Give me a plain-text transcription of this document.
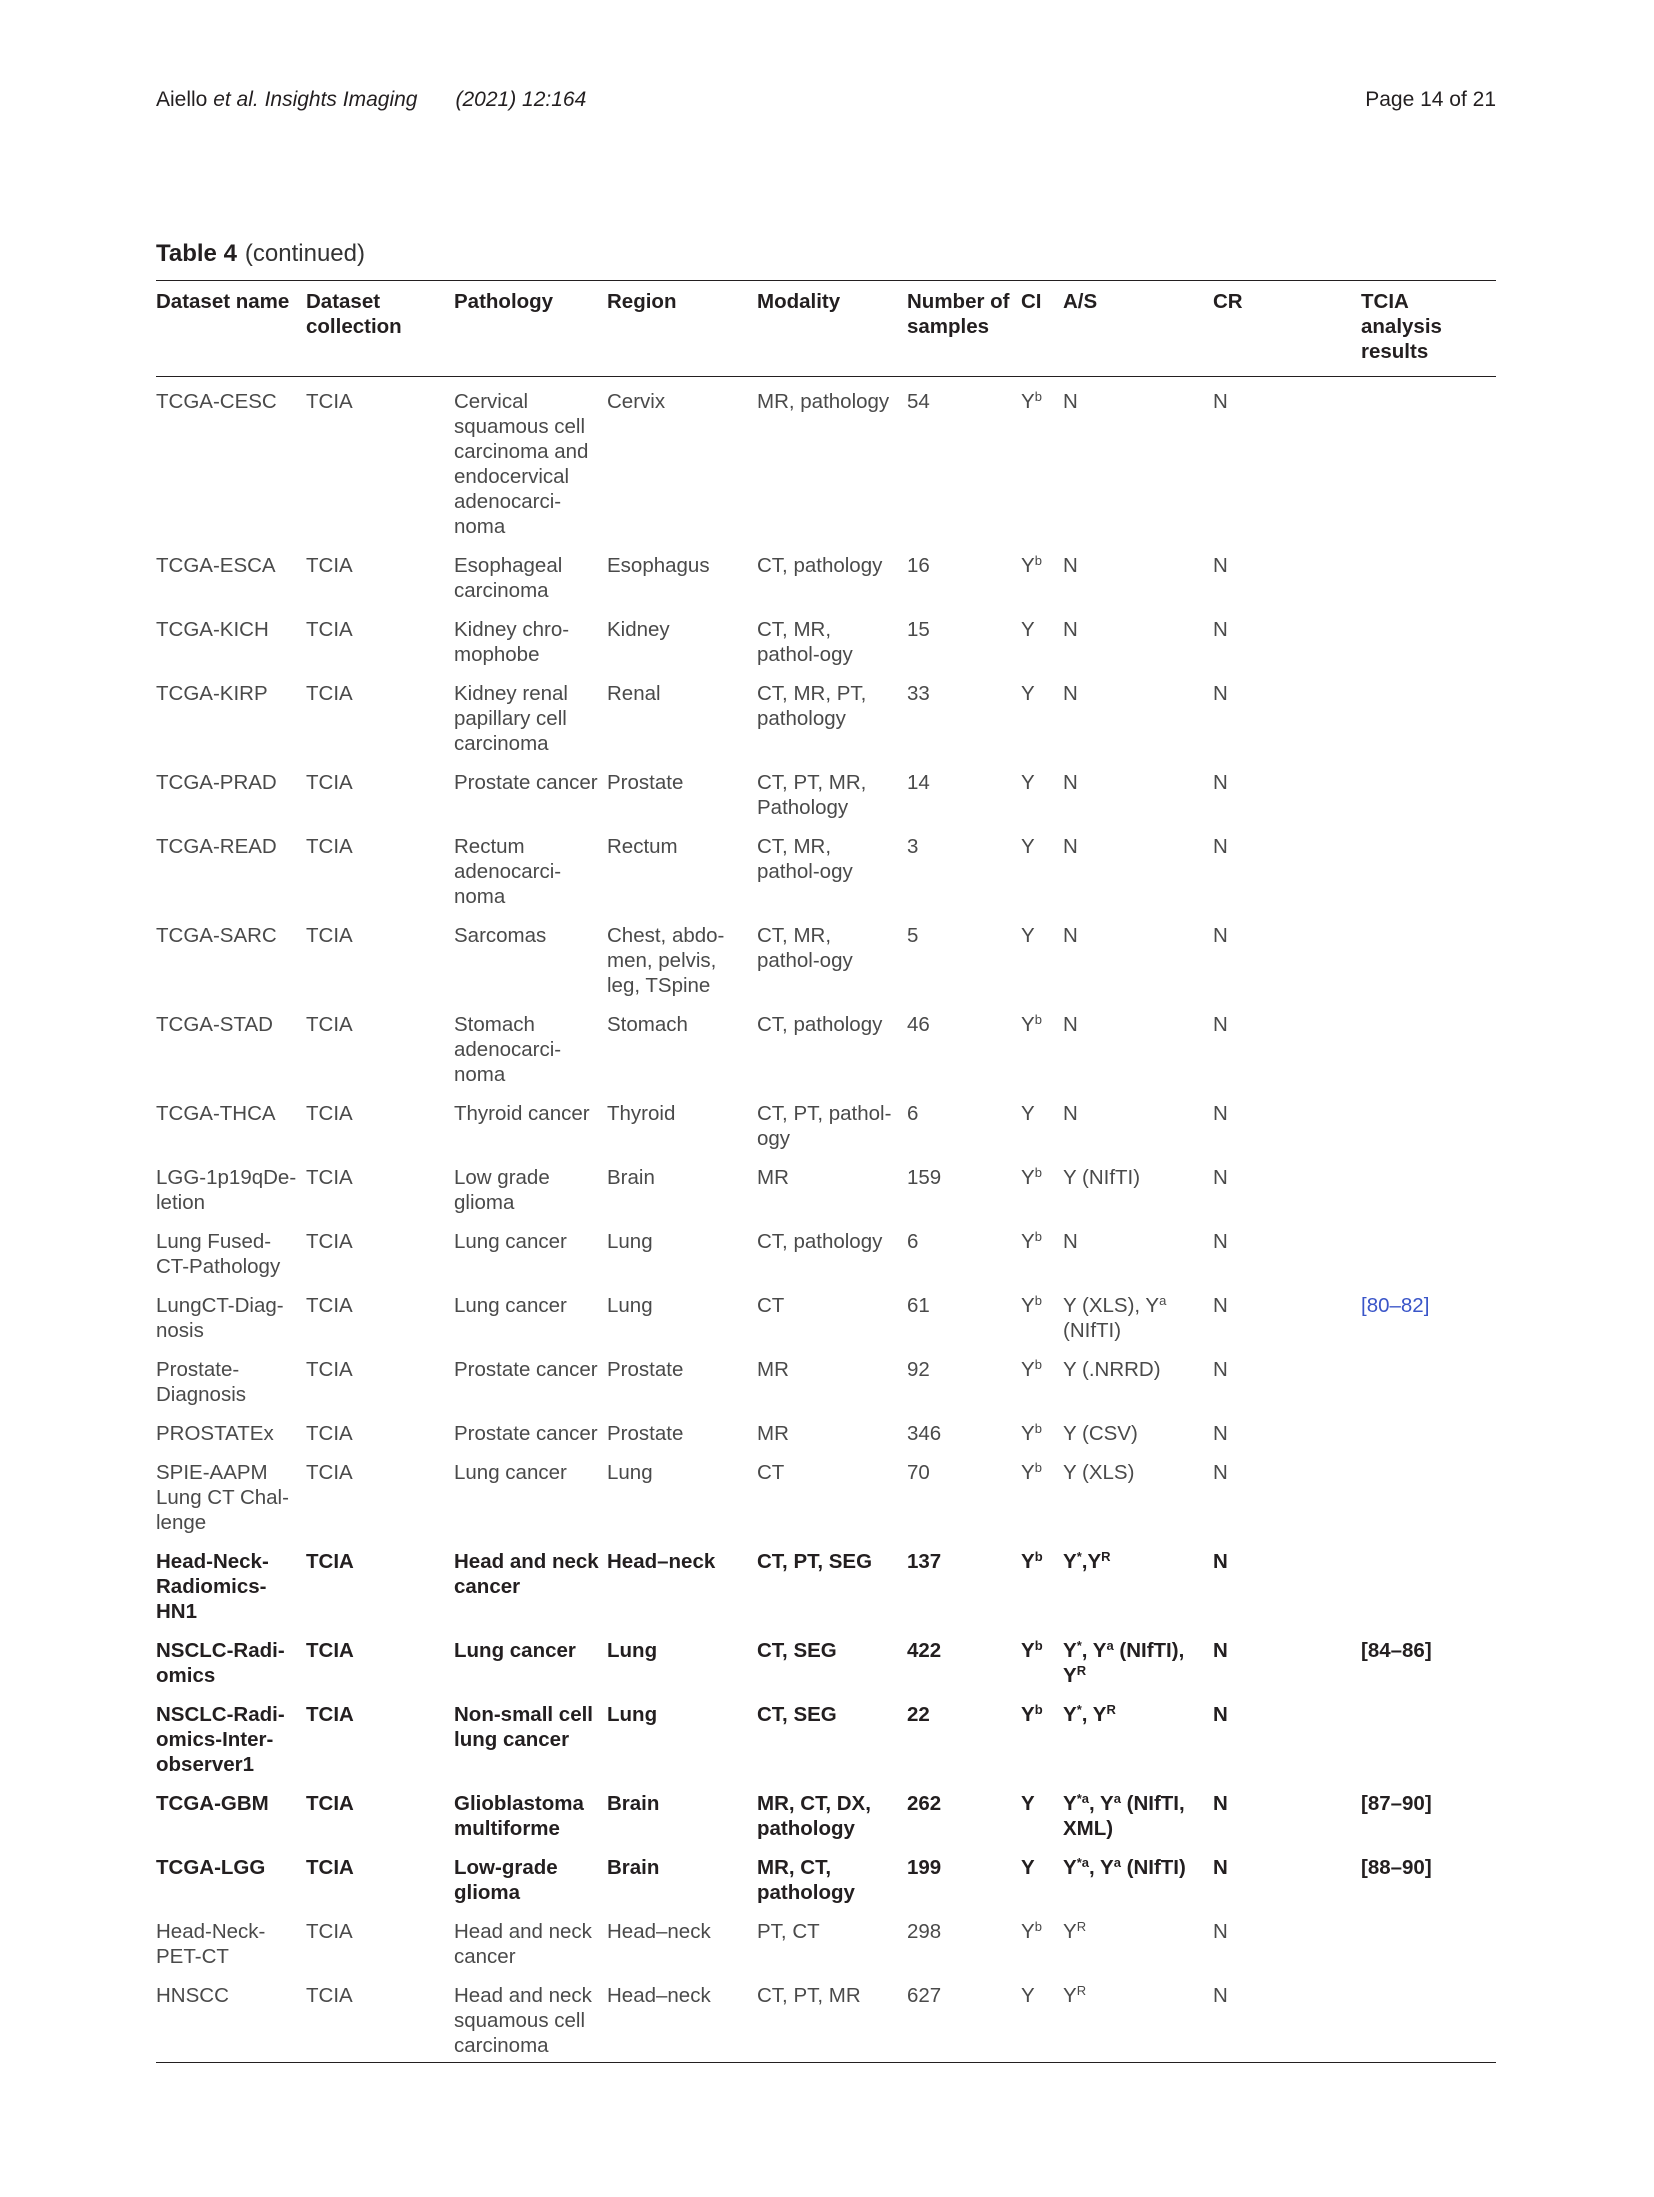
Aiello et al. Insights Imaging (2021) 12:164	Page 14 of 21
Table 4 (continued)
Dataset name	Dataset collection	Pathology	Region	Modality	Number of samples	CI	A/S	CR	TCIA analysis results
TCGA-CESC	TCIA	Cervical squamous cell carcinoma and endocervical adenocarci-noma	Cervix	MR, pathology	54	$Y^b$	N	N	
TCGA-ESCA	TCIA	Esophageal carcinoma	Esophagus	CT, pathology	16	$Y^b$	N	N	
TCGA-KICH	TCIA	Kidney chro-mophobe	Kidney	CT, MR, pathol-ogy	15	Y	N	N	
TCGA-KIRP	TCIA	Kidney renal papillary cell carcinoma	Renal	CT, MR, PT, pathology	33	Y	N	N	
TCGA-PRAD	TCIA	Prostate cancer	Prostate	CT, PT, MR, Pathology	14	Y	N	N	
TCGA-READ	TCIA	Rectum adenocarci-noma	Rectum	CT, MR, pathol-ogy	3	Y	N	N	
TCGA-SARC	TCIA	Sarcomas	Chest, abdo-men, pelvis, leg, TSpine	CT, MR, pathol-ogy	5	Y	N	N	
TCGA-STAD	TCIA	Stomach adenocarci-noma	Stomach	CT, pathology	46	$Y^b$	N	N	
TCGA-THCA	TCIA	Thyroid cancer	Thyroid	CT, PT, pathol-ogy	6	Y	N	N	
LGG-1p19qDe-letion	TCIA	Low grade glioma	Brain	MR	159	$Y^b$	Y (NIfTI)	N	
Lung Fused-CT-Pathology	TCIA	Lung cancer	Lung	CT, pathology	6	$Y^b$	N	N	
LungCT-Diag-nosis	TCIA	Lung cancer	Lung	CT	61	$Y^b$	Y (XLS), $Y^a$ (NIfTI)	N	[80–82]
Prostate-Diagnosis	TCIA	Prostate cancer	Prostate	MR	92	$Y^b$	Y (.NRRD)	N	
PROSTATEx	TCIA	Prostate cancer	Prostate	MR	346	$Y^b$	Y (CSV)	N	
SPIE-AAPM Lung CT Chal-lenge	TCIA	Lung cancer	Lung	CT	70	$Y^b$	Y (XLS)	N	
Head-Neck-Radiomics-HN1	TCIA	Head and neck cancer	Head–neck	CT, PT, SEG	137	$Y^b$	$Y^*,Y^R$	N	
NSCLC-Radi-omics	TCIA	Lung cancer	Lung	CT, SEG	422	$Y^b$	Y*, $Y^a$ (NIfTI), $Y^R$	N	[84–86]
NSCLC-Radi-omics-Inter-observer1	TCIA	Non-small cell lung cancer	Lung	CT, SEG	22	$Y^b$	Y*, $Y^R$	N	
TCGA-GBM	TCIA	Glioblastoma multiforme	Brain	MR, CT, DX, pathology	262	Y	$Y^{*a}$, $Y^a$ (NIfTI, XML)	N	[87–90]
TCGA-LGG	TCIA	Low-grade glioma	Brain	MR, CT, pathology	199	Y	$Y^{*a}$, $Y^a$ (NIfTI)	N	[88–90]
Head-Neck-PET-CT	TCIA	Head and neck cancer	Head–neck	PT, CT	298	$Y^b$	$Y^R$	N	
HNSCC	TCIA	Head and neck squamous cell carcinoma	Head–neck	CT, PT, MR	627	Y	$Y^R$	N	
